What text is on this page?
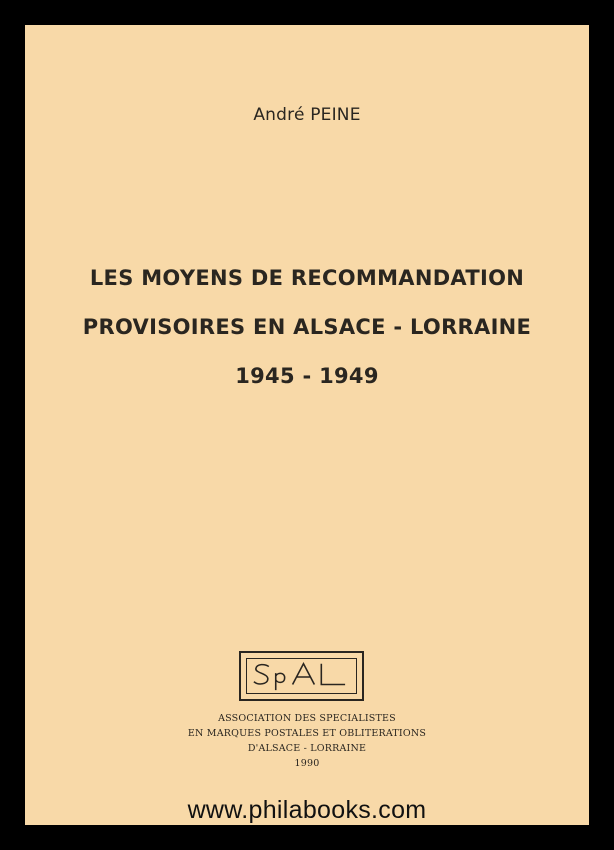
André PEINE
LES MOYENS DE RECOMMANDATION
PROVISOIRES EN ALSACE - LORRAINE
1945 - 1949
ASSOCIATION DES SPECIALISTES
EN MARQUES POSTALES ET OBLITERATIONS
D'ALSACE - LORRAINE
1990
www.philabooks.com
